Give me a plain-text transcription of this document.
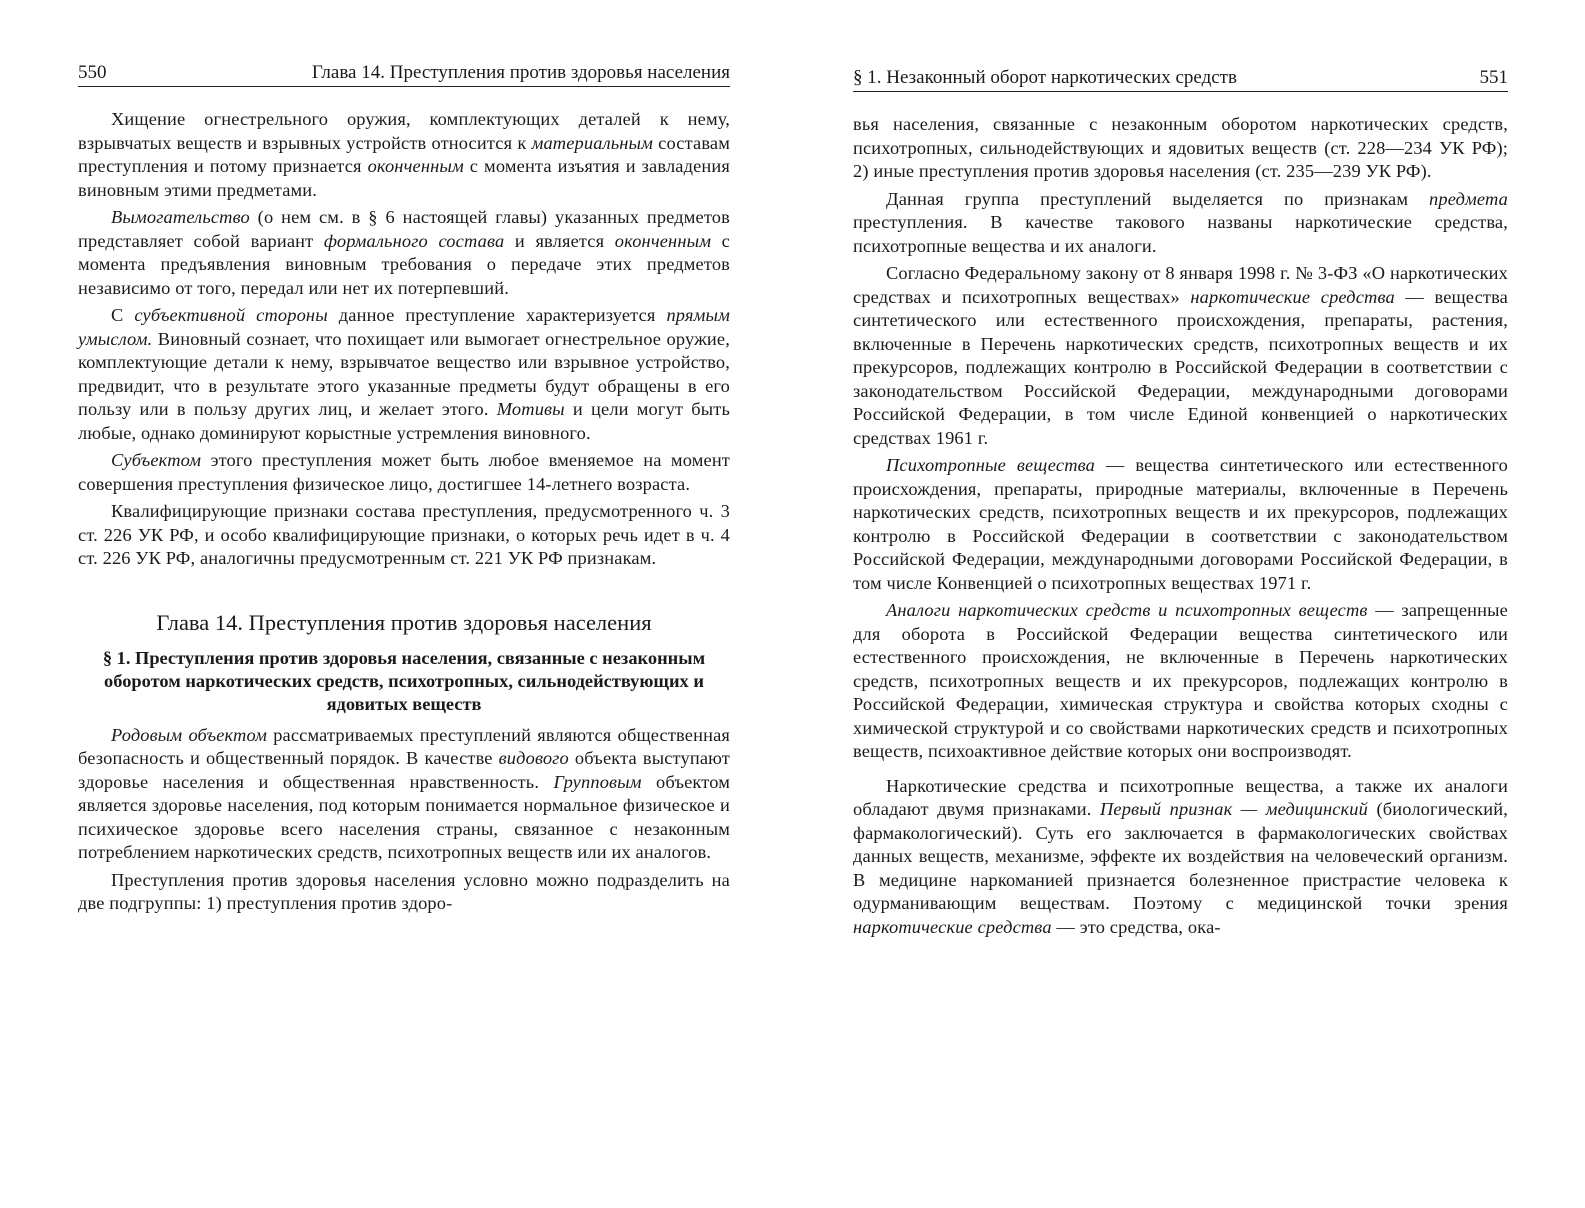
550	Глава 14. Преступления против здоровья населения

Хищение огнестрельного оружия, комплектующих деталей к нему, взрывчатых веществ и взрывных устройств относится к материальным составам преступления и потому признается оконченным с момента изъятия и завладения виновным этими предметами.

Вымогательство (о нем см. в § 6 настоящей главы) указанных предметов представляет собой вариант формального состава и является оконченным с момента предъявления виновным требования о передаче этих предметов независимо от того, передал или нет их потерпевший.

С субъективной стороны данное преступление характеризуется прямым умыслом. Виновный сознает, что похищает или вымогает огнестрельное оружие, комплектующие детали к нему, взрывчатое вещество или взрывное устройство, предвидит, что в результате этого указанные предметы будут обращены в его пользу или в пользу других лиц, и желает этого. Мотивы и цели могут быть любые, однако доминируют корыстные устремления виновного.

Субъектом этого преступления может быть любое вменяемое на момент совершения преступления физическое лицо, достигшее 14-летнего возраста.

Квалифицирующие признаки состава преступления, предусмотренного ч. 3 ст. 226 УК РФ, и особо квалифицирующие признаки, о которых речь идет в ч. 4 ст. 226 УК РФ, аналогичны предусмотренным ст. 221 УК РФ признакам.

Глава 14. Преступления против здоровья населения
§ 1. Преступления против здоровья населения, связанные с незаконным оборотом наркотических средств, психотропных, сильнодействующих и ядовитых веществ

Родовым объектом рассматриваемых преступлений являются общественная безопасность и общественный порядок. В качестве видового объекта выступают здоровье населения и общественная нравственность. Групповым объектом является здоровье населения, под которым понимается нормальное физическое и психическое здоровье всего населения страны, связанное с незаконным потреблением наркотических средств, психотропных веществ или их аналогов.

Преступления против здоровья населения условно можно подразделить на две подгруппы: 1) преступления против здоро-

§ 1. Незаконный оборот наркотических средств	551

вья населения, связанные с незаконным оборотом наркотических средств, психотропных, сильнодействующих и ядовитых веществ (ст. 228—234 УК РФ); 2) иные преступления против здоровья населения (ст. 235—239 УК РФ).

Данная группа преступлений выделяется по признакам предмета преступления. В качестве такового названы наркотические средства, психотропные вещества и их аналоги.

Согласно Федеральному закону от 8 января 1998 г. № 3-ФЗ «О наркотических средствах и психотропных веществах» наркотические средства — вещества синтетического или естественного происхождения, препараты, растения, включенные в Перечень наркотических средств, психотропных веществ и их прекурсоров, подлежащих контролю в Российской Федерации в соответствии с законодательством Российской Федерации, международными договорами Российской Федерации, в том числе Единой конвенцией о наркотических средствах 1961 г.

Психотропные вещества — вещества синтетического или естественного происхождения, препараты, природные материалы, включенные в Перечень наркотических средств, психотропных веществ и их прекурсоров, подлежащих контролю в Российской Федерации в соответствии с законодательством Российской Федерации, международными договорами Российской Федерации, в том числе Конвенцией о психотропных веществах 1971 г.

Аналоги наркотических средств и психотропных веществ — запрещенные для оборота в Российской Федерации вещества синтетического или естественного происхождения, не включенные в Перечень наркотических средств, психотропных веществ и их прекурсоров, подлежащих контролю в Российской Федерации, химическая структура и свойства которых сходны с химической структурой и со свойствами наркотических средств и психотропных веществ, психоактивное действие которых они воспроизводят.

Наркотические средства и психотропные вещества, а также их аналоги обладают двумя признаками. Первый признак — медицинский (биологический, фармакологический). Суть его заключается в фармакологических свойствах данных веществ, механизме, эффекте их воздействия на человеческий организм. В медицине наркоманией признается болезненное пристрастие человека к одурманивающим веществам. Поэтому с медицинской точки зрения наркотические средства — это средства, ока-
